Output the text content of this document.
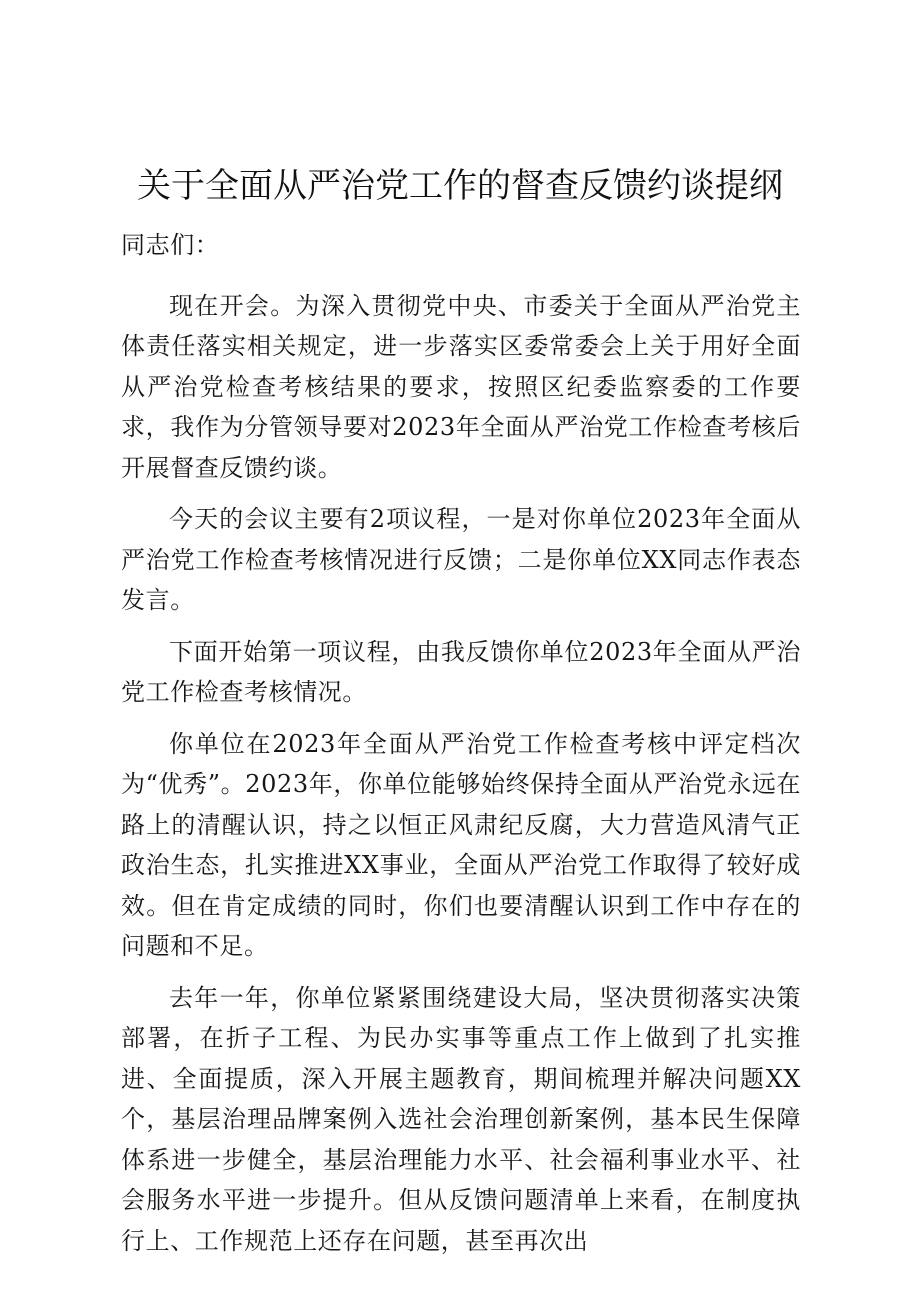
关于全面从严治党工作的督查反馈约谈提纲

同志们：

现在开会。为深入贯彻党中央、市委关于全面从严治党主体责任落实相关规定，进一步落实区委常委会上关于用好全面从严治党检查考核结果的要求，按照区纪委监察委的工作要求，我作为分管领导要对2023年全面从严治党工作检查考核后开展督查反馈约谈。

今天的会议主要有2项议程，一是对你单位2023年全面从严治党工作检查考核情况进行反馈；二是你单位XX同志作表态发言。

下面开始第一项议程，由我反馈你单位2023年全面从严治党工作检查考核情况。

你单位在2023年全面从严治党工作检查考核中评定档次为“优秀”。2023年，你单位能够始终保持全面从严治党永远在路上的清醒认识，持之以恒正风肃纪反腐，大力营造风清气正政治生态，扎实推进XX事业，全面从严治党工作取得了较好成效。但在肯定成绩的同时，你们也要清醒认识到工作中存在的问题和不足。

去年一年，你单位紧紧围绕建设大局，坚决贯彻落实决策部署，在折子工程、为民办实事等重点工作上做到了扎实推进、全面提质，深入开展主题教育，期间梳理并解决问题XX个，基层治理品牌案例入选社会治理创新案例，基本民生保障体系进一步健全，基层治理能力水平、社会福利事业水平、社会服务水平进一步提升。但从反馈问题清单上来看，在制度执行上、工作规范上还存在问题，甚至再次出
